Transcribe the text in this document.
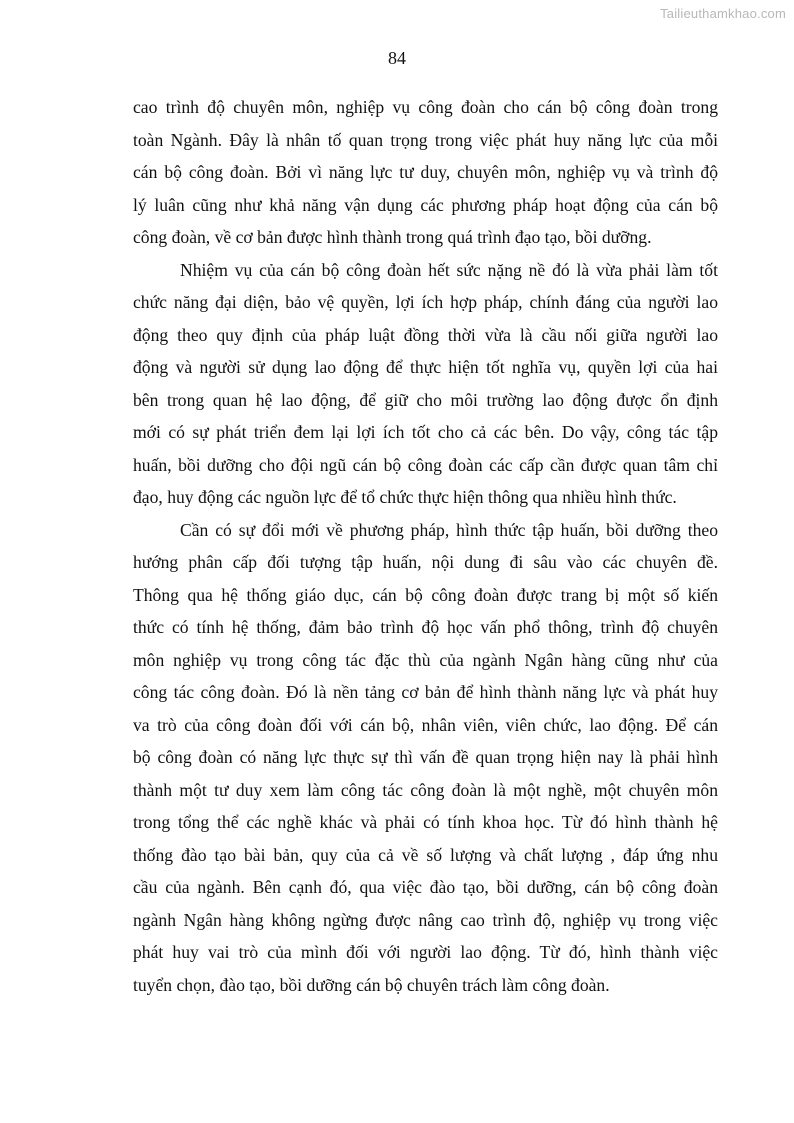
Tailieuthamkhao.com
84
cao trình độ chuyên môn, nghiệp vụ công đoàn cho cán bộ công đoàn trong
toàn Ngành. Đây là nhân tố quan trọng trong việc phát huy năng lực của mỗi
cán bộ công đoàn. Bởi vì năng lực tư duy, chuyên môn, nghiệp vụ và trình độ
lý luân cũng như khả năng vận dụng các phương pháp hoạt động của cán bộ
công đoàn, về cơ bản được hình thành trong quá trình đạo tạo, bồi dưỡng.
Nhiệm vụ của cán bộ công đoàn hết sức nặng nề đó là vừa phải làm tốt
chức năng đại diện, bảo vệ quyền, lợi ích hợp pháp, chính đáng của người lao
động theo quy định của pháp luật đồng thời vừa là cầu nối giữa người lao
động và người sử dụng lao động để thực hiện tốt nghĩa vụ, quyền lợi của hai
bên trong quan hệ lao động, để giữ cho môi trường lao động được ổn định
mới có sự phát triển đem lại lợi ích tốt cho cả các bên. Do vậy, công tác tập
huấn, bồi dưỡng cho đội ngũ cán bộ công đoàn các cấp cần được quan tâm chỉ
đạo, huy động các nguồn lực để tổ chức thực hiện thông qua nhiều hình thức.
Cần có sự đổi mới về phương pháp, hình thức tập huấn, bồi dưỡng theo
hướng phân cấp đối tượng tập huấn, nội dung đi sâu vào các chuyên đề.
Thông qua hệ thống giáo dục, cán bộ công đoàn được trang bị một số kiến
thức có tính hệ thống, đảm bảo trình độ học vấn phổ thông, trình độ chuyên
môn nghiệp vụ trong công tác đặc thù của ngành Ngân hàng cũng như của
công tác công đoàn. Đó là nền tảng cơ bản để hình thành năng lực và phát huy
va trò của công đoàn đối với cán bộ, nhân viên, viên chức, lao động. Để cán
bộ công đoàn có năng lực thực sự thì vấn đề quan trọng hiện nay là phải hình
thành một tư duy xem làm công tác công đoàn là một nghề, một chuyên môn
trong tổng thể các nghề khác và phải có tính khoa học. Từ đó hình thành hệ
thống đào tạo bài bản, quy của cả về số lượng và chất lượng , đáp ứng nhu
cầu của ngành. Bên cạnh đó, qua việc đào tạo, bồi dưỡng, cán bộ công đoàn
ngành Ngân hàng không ngừng được nâng cao trình độ, nghiệp vụ trong việc
phát huy vai trò của mình đối với người lao động. Từ đó, hình thành việc
tuyển chọn, đào tạo, bồi dưỡng cán bộ chuyên trách làm công đoàn.
